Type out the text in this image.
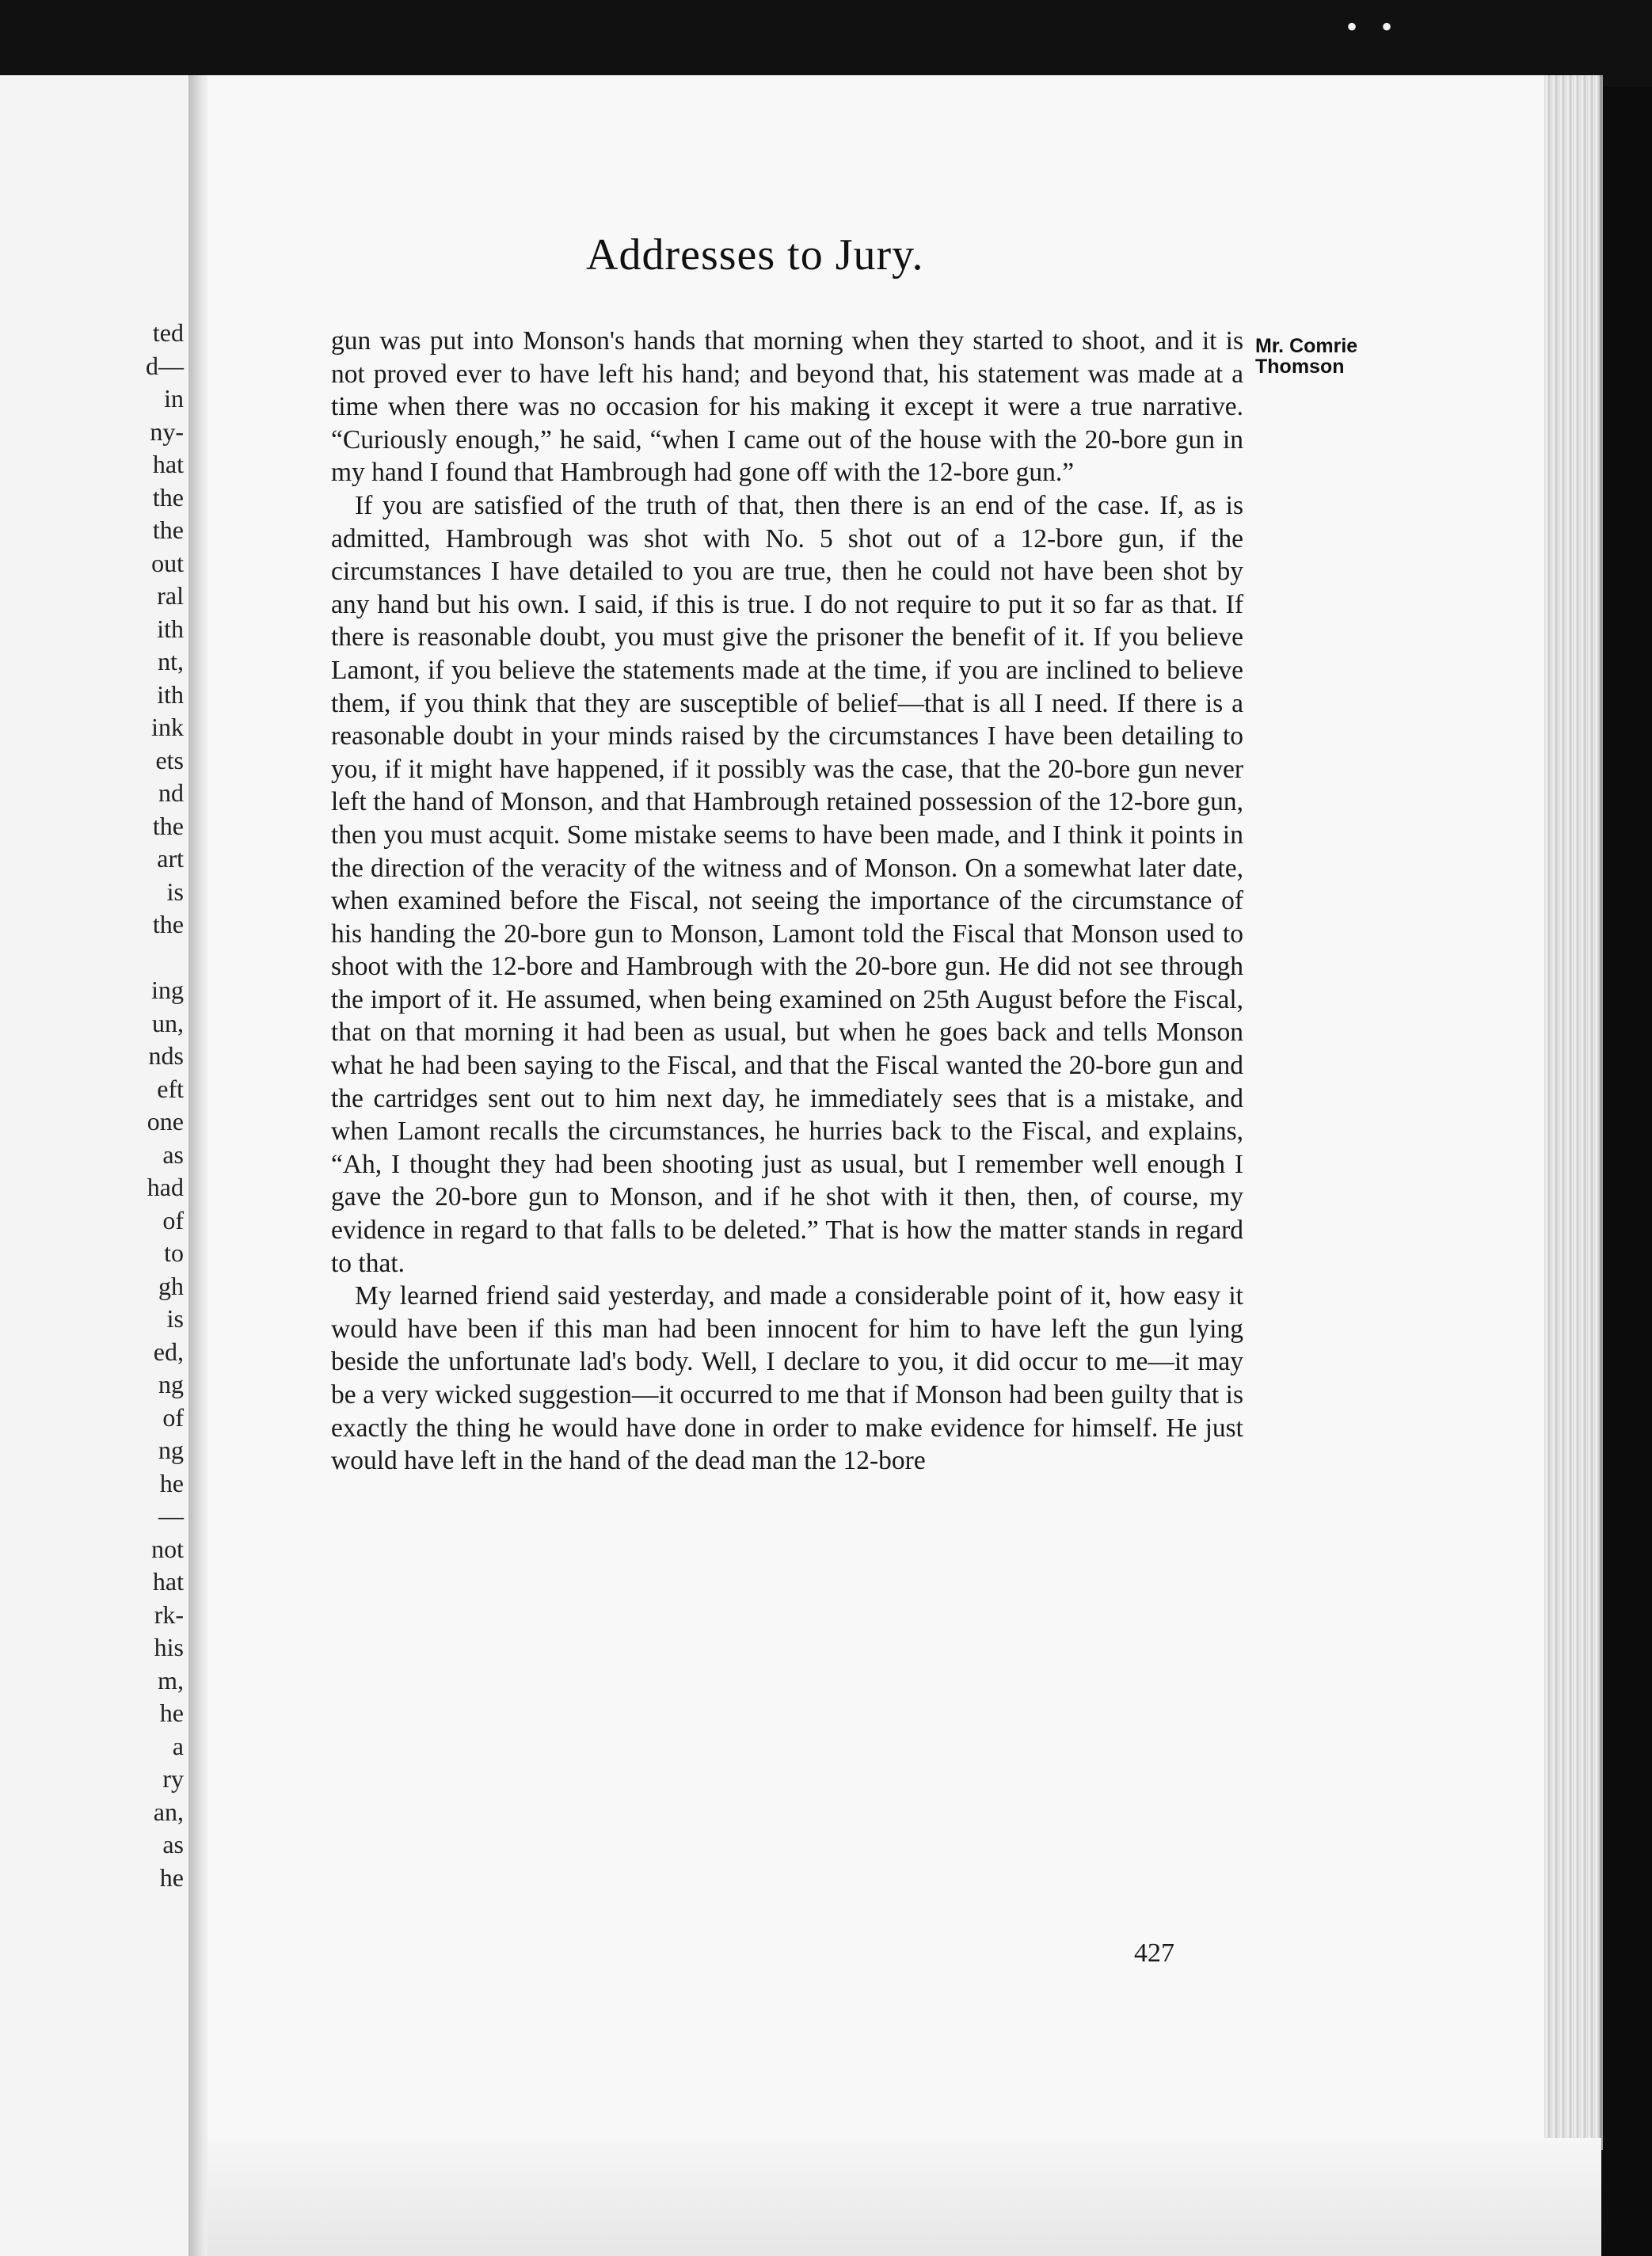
••
ted
d—
in
ny-
hat
the
the
out
ral
ith
nt,
ith
ink
ets
nd
the
art
is
the

ing
un,
nds
eft
one
as
had
of
to
gh
is
ed,
ng
of
ng
he
—
not
hat
rk-
his
m,
he
a
ry
an,
as
he
Addresses to Jury.
Mr. Comrie
Thomson

gun was put into Monson's hands that morning when they started to shoot, and it is not proved ever to have left his hand; and beyond that, his statement was made at a time when there was no occasion for his making it except it were a true narrative. “Curiously enough,” he said, “when I came out of the house with the 20-bore gun in my hand I found that Hambrough had gone off with the 12-bore gun.”

If you are satisfied of the truth of that, then there is an end of the case. If, as is admitted, Hambrough was shot with No. 5 shot out of a 12-bore gun, if the circumstances I have detailed to you are true, then he could not have been shot by any hand but his own. I said, if this is true. I do not require to put it so far as that. If there is reasonable doubt, you must give the prisoner the benefit of it. If you believe Lamont, if you believe the statements made at the time, if you are inclined to believe them, if you think that they are susceptible of belief—that is all I need. If there is a reasonable doubt in your minds raised by the circumstances I have been detailing to you, if it might have happened, if it possibly was the case, that the 20-bore gun never left the hand of Monson, and that Hambrough retained possession of the 12-bore gun, then you must acquit. Some mistake seems to have been made, and I think it points in the direction of the veracity of the witness and of Monson. On a somewhat later date, when examined before the Fiscal, not seeing the importance of the circumstance of his handing the 20-bore gun to Monson, Lamont told the Fiscal that Monson used to shoot with the 12-bore and Hambrough with the 20-bore gun. He did not see through the import of it. He assumed, when being examined on 25th August before the Fiscal, that on that morning it had been as usual, but when he goes back and tells Monson what he had been saying to the Fiscal, and that the Fiscal wanted the 20-bore gun and the cartridges sent out to him next day, he immediately sees that is a mistake, and when Lamont recalls the circumstances, he hurries back to the Fiscal, and explains, “Ah, I thought they had been shooting just as usual, but I remember well enough I gave the 20-bore gun to Monson, and if he shot with it then, then, of course, my evidence in regard to that falls to be deleted.” That is how the matter stands in regard to that.

My learned friend said yesterday, and made a considerable point of it, how easy it would have been if this man had been innocent for him to have left the gun lying beside the unfortunate lad's body. Well, I declare to you, it did occur to me—it may be a very wicked suggestion—it occurred to me that if Monson had been guilty that is exactly the thing he would have done in order to make evidence for himself. He just would have left in the hand of the dead man the 12-bore

427
